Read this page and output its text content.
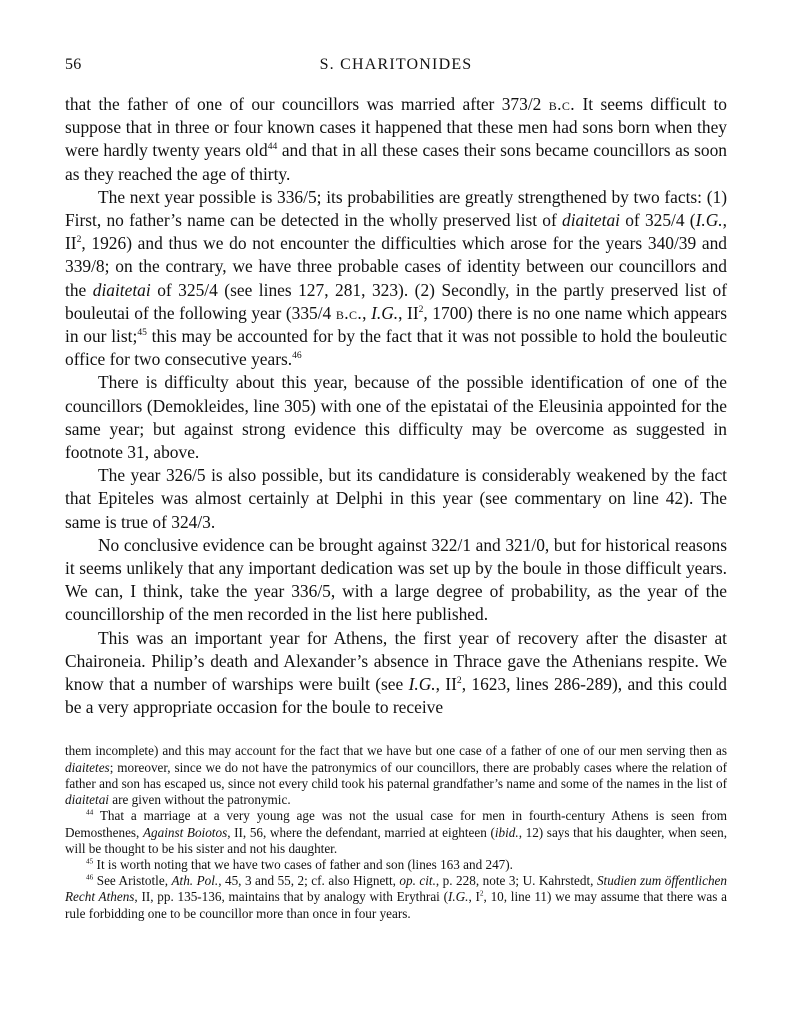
56	S. CHARITONIDES

that the father of one of our councillors was married after 373/2 b.c. It seems difficult to suppose that in three or four known cases it happened that these men had sons born when they were hardly twenty years old$^{44}$ and that in all these cases their sons became councillors as soon as they reached the age of thirty.

The next year possible is 336/5; its probabilities are greatly strengthened by two facts: (1) First, no father’s name can be detected in the wholly preserved list of diaitetai of 325/4 (I.G., $II^2$, 1926) and thus we do not encounter the difficulties which arose for the years 340/39 and 339/8; on the contrary, we have three probable cases of identity between our councillors and the diaitetai of 325/4 (see lines 127, 281, 323). (2) Secondly, in the partly preserved list of bouleutai of the following year (335/4 b.c., I.G., $II^2$, 1700) there is no one name which appears in our list;$^{45}$ this may be accounted for by the fact that it was not possible to hold the bouleutic office for two consecutive years.$^{46}$

There is difficulty about this year, because of the possible identification of one of the councillors (Demokleides, line 305) with one of the epistatai of the Eleusinia appointed for the same year; but against strong evidence this difficulty may be overcome as suggested in footnote 31, above.

The year 326/5 is also possible, but its candidature is considerably weakened by the fact that Epiteles was almost certainly at Delphi in this year (see commentary on line 42). The same is true of 324/3.

No conclusive evidence can be brought against 322/1 and 321/0, but for historical reasons it seems unlikely that any important dedication was set up by the boule in those difficult years. We can, I think, take the year 336/5, with a large degree of probability, as the year of the councillorship of the men recorded in the list here published.

This was an important year for Athens, the first year of recovery after the disaster at Chaironeia. Philip’s death and Alexander’s absence in Thrace gave the Athenians respite. We know that a number of warships were built (see I.G., $II^2$, 1623, lines 286-289), and this could be a very appropriate occasion for the boule to receive

them incomplete) and this may account for the fact that we have but one case of a father of one of our men serving then as diaitetes; moreover, since we do not have the patronymics of our councillors, there are probably cases where the relation of father and son has escaped us, since not every child took his paternal grandfather’s name and some of the names in the list of diaitetai are given without the patronymic.

$^{44}$ That a marriage at a very young age was not the usual case for men in fourth-century Athens is seen from Demosthenes, Against Boiotos, II, 56, where the defendant, married at eighteen (ibid., 12) says that his daughter, when seen, will be thought to be his sister and not his daughter.

$^{45}$ It is worth noting that we have two cases of father and son (lines 163 and 247).

$^{46}$ See Aristotle, Ath. Pol., 45, 3 and 55, 2; cf. also Hignett, op. cit., p. 228, note 3; U. Kahrstedt, Studien zum öffentlichen Recht Athens, II, pp. 135-136, maintains that by analogy with Erythrai (I.G., $I^2$, 10, line 11) we may assume that there was a rule forbidding one to be councillor more than once in four years.
